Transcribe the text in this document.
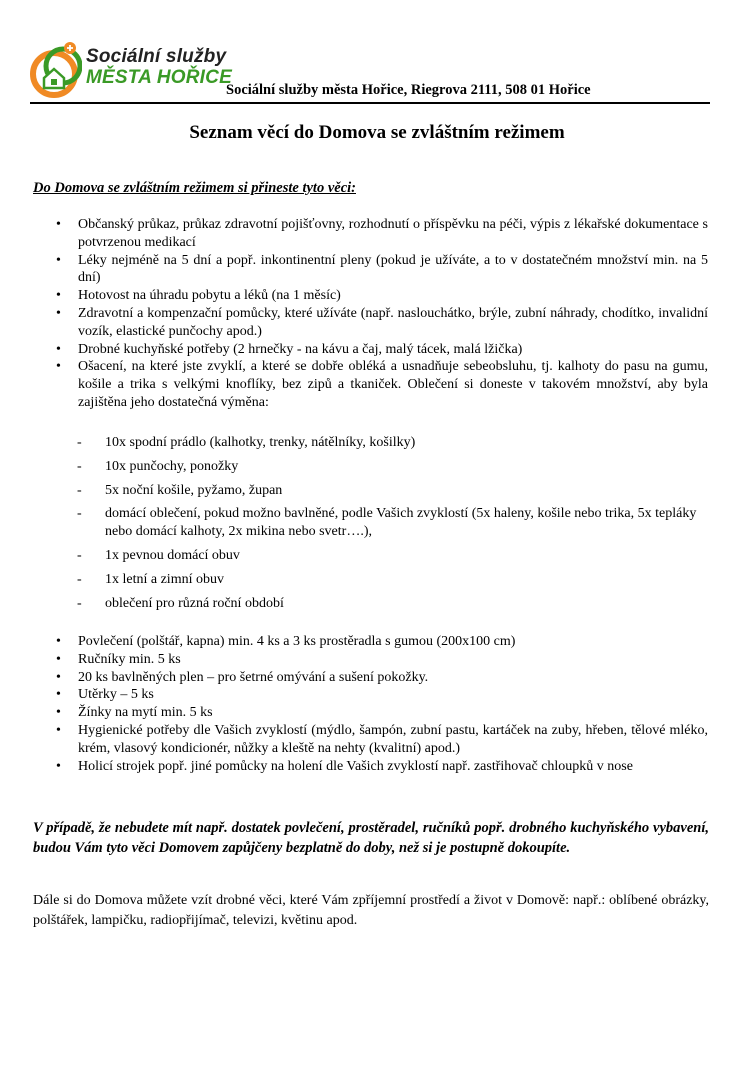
Sociální služby
MĚSTA HOŘICE
Sociální služby města Hořice, Riegrova 2111, 508 01 Hořice
Seznam věcí do Domova se zvláštním režimem
Do Domova se zvláštním režimem si přineste tyto věci:
• Občanský průkaz, průkaz zdravotní pojišťovny, rozhodnutí o příspěvku na péči, výpis z lékařské dokumentace s potvrzenou medikací
• Léky nejméně na 5 dní a popř. inkontinentní pleny (pokud je užíváte, a to v dostatečném množství min. na 5 dní)
• Hotovost na úhradu pobytu a léků (na 1 měsíc)
• Zdravotní a kompenzační pomůcky, které užíváte (např. naslouchátko, brýle, zubní náhrady, chodítko, invalidní vozík, elastické punčochy apod.)
• Drobné kuchyňské potřeby (2 hrnečky - na kávu a čaj, malý tácek, malá lžička)
• Ošacení, na které jste zvyklí, a které se dobře obléká a usnadňuje sebeobsluhu, tj. kalhoty do pasu na gumu, košile a trika s velkými knoflíky, bez zipů a tkaniček. Oblečení si doneste v takovém množství, aby byla zajištěna jeho dostatečná výměna:
- 10x spodní prádlo (kalhotky, trenky, nátělníky, košilky)
- 10x punčochy, ponožky
- 5x noční košile, pyžamo, župan
- domácí oblečení, pokud možno bavlněné, podle Vašich zvyklostí (5x haleny, košile nebo trika, 5x tepláky nebo domácí kalhoty, 2x mikina nebo svetr….),
- 1x pevnou domácí obuv
- 1x letní a zimní obuv
- oblečení pro různá roční období
• Povlečení (polštář, kapna) min. 4 ks a 3 ks prostěradla s gumou (200x100 cm)
• Ručníky min. 5 ks
• 20 ks bavlněných plen – pro šetrné omývání a sušení pokožky.
• Utěrky – 5 ks
• Žínky na mytí min. 5 ks
• Hygienické potřeby dle Vašich zvyklostí (mýdlo, šampón, zubní pastu, kartáček na zuby, hřeben, tělové mléko, krém, vlasový kondicionér, nůžky a kleště na nehty (kvalitní) apod.)
• Holicí strojek popř. jiné pomůcky na holení dle Vašich zvyklostí např. zastřihovač chloupků v nose
V případě, že nebudete mít např. dostatek povlečení, prostěradel, ručníků popř. drobného kuchyňského vybavení, budou Vám tyto věci Domovem zapůjčeny bezplatně do doby, než si je postupně dokoupíte.
Dále si do Domova můžete vzít drobné věci, které Vám zpříjemní prostředí a život v Domově: např.: oblíbené obrázky, polštářek, lampičku, radiopřijímač, televizi, květinu apod.
